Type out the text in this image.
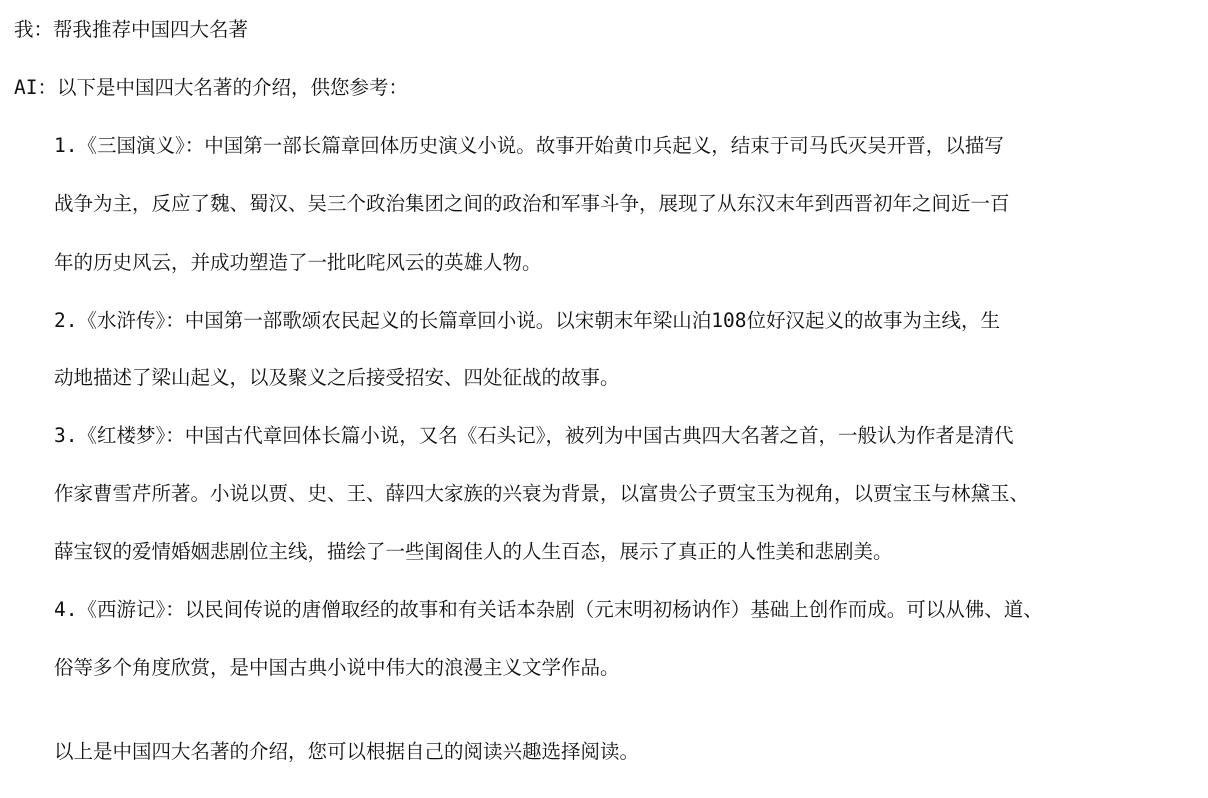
我：帮我推荐中国四大名著
AI：以下是中国四大名著的介绍，供您参考：
1.《三国演义》：中国第一部长篇章回体历史演义小说。故事开始黄巾兵起义，结束于司马氏灭吴开晋，以描写
战争为主，反应了魏、蜀汉、吴三个政治集团之间的政治和军事斗争，展现了从东汉末年到西晋初年之间近一百
年的历史风云，并成功塑造了一批叱咤风云的英雄人物。
2.《水浒传》：中国第一部歌颂农民起义的长篇章回小说。以宋朝末年梁山泊108位好汉起义的故事为主线，生
动地描述了梁山起义，以及聚义之后接受招安、四处征战的故事。
3.《红楼梦》：中国古代章回体长篇小说，又名《石头记》，被列为中国古典四大名著之首，一般认为作者是清代
作家曹雪芹所著。小说以贾、史、王、薛四大家族的兴衰为背景，以富贵公子贾宝玉为视角，以贾宝玉与林黛玉、
薛宝钗的爱情婚姻悲剧位主线，描绘了一些闺阁佳人的人生百态，展示了真正的人性美和悲剧美。
4.《西游记》：以民间传说的唐僧取经的故事和有关话本杂剧（元末明初杨讷作）基础上创作而成。可以从佛、道、
俗等多个角度欣赏，是中国古典小说中伟大的浪漫主义文学作品。
以上是中国四大名著的介绍，您可以根据自己的阅读兴趣选择阅读。
